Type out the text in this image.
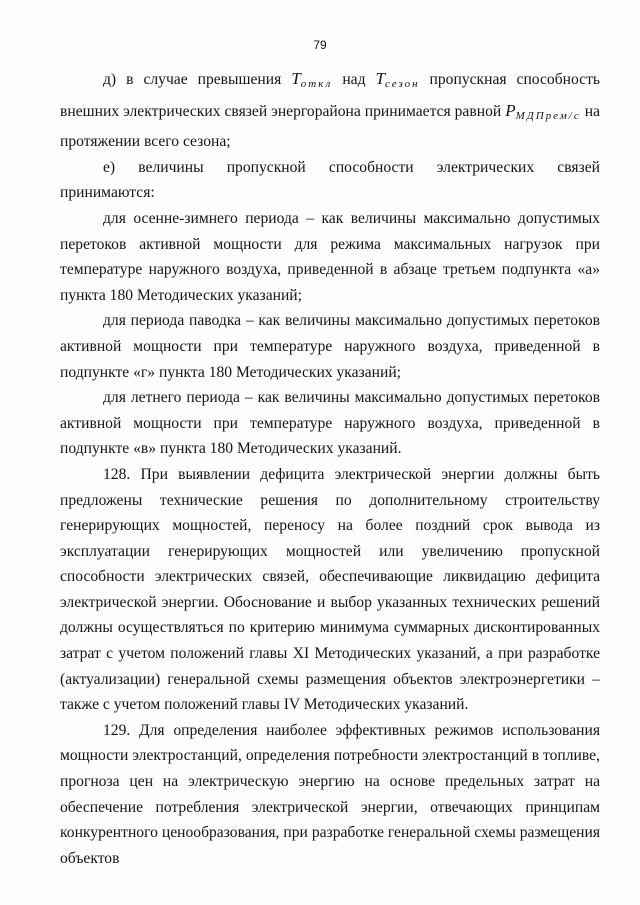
79

д) в случае превышения $T_{откл}$ над $T_{сезон}$ пропускная способность внешних электрических связей энергорайона принимается равной $P_{МДПрем/с}$ на протяжении всего сезона;

е) величины пропускной способности электрических связей принимаются:

для осенне-зимнего периода – как величины максимально допустимых перетоков активной мощности для режима максимальных нагрузок при температуре наружного воздуха, приведенной в абзаце третьем подпункта «а» пункта 180 Методических указаний;

для периода паводка – как величины максимально допустимых перетоков активной мощности при температуре наружного воздуха, приведенной в подпункте «г» пункта 180 Методических указаний;

для летнего периода – как величины максимально допустимых перетоков активной мощности при температуре наружного воздуха, приведенной в подпункте «в» пункта 180 Методических указаний.

128. При выявлении дефицита электрической энергии должны быть предложены технические решения по дополнительному строительству генерирующих мощностей, переносу на более поздний срок вывода из эксплуатации генерирующих мощностей или увеличению пропускной способности электрических связей, обеспечивающие ликвидацию дефицита электрической энергии. Обоснование и выбор указанных технических решений должны осуществляться по критерию минимума суммарных дисконтированных затрат с учетом положений главы XI Методических указаний, а при разработке (актуализации) генеральной схемы размещения объектов электроэнергетики – также с учетом положений главы IV Методических указаний.

129. Для определения наиболее эффективных режимов использования мощности электростанций, определения потребности электростанций в топливе, прогноза цен на электрическую энергию на основе предельных затрат на обеспечение потребления электрической энергии, отвечающих принципам конкурентного ценообразования, при разработке генеральной схемы размещения объектов
